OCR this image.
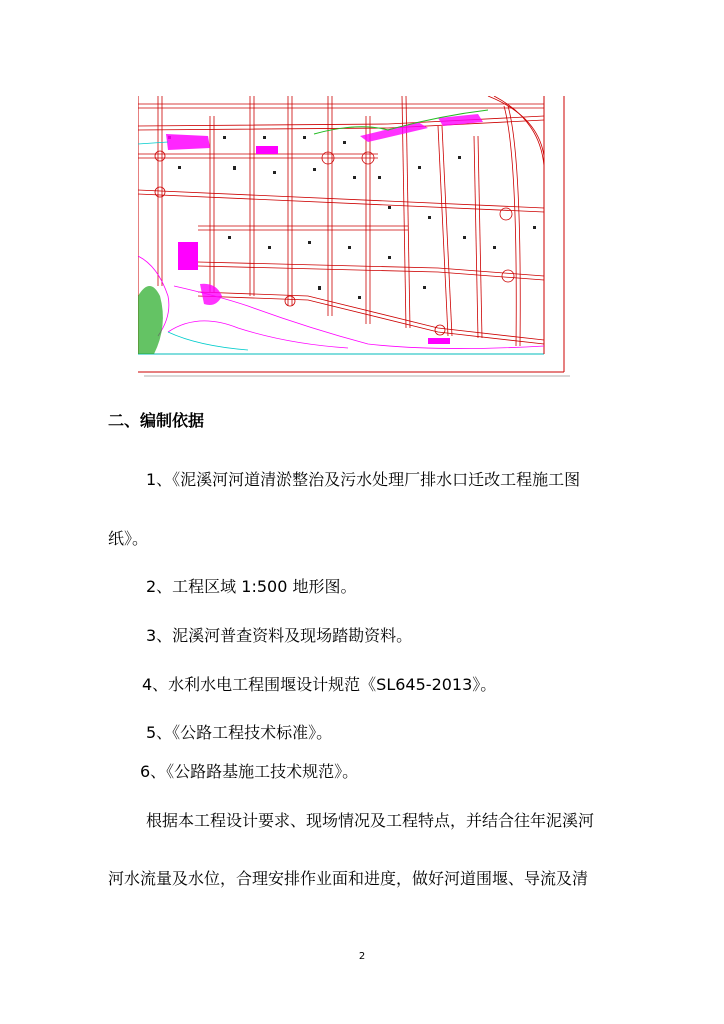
二、编制依据
1、《泥溪河河道清淤整治及污水处理厂排水口迁改工程施工图
纸》。
2、工程区域 1:500 地形图。
3、泥溪河普查资料及现场踏勘资料。
4、水利水电工程围堰设计规范《SL645-2013》。
5、《公路工程技术标准》。
6、《公路路基施工技术规范》。
根据本工程设计要求、现场情况及工程特点，并结合往年泥溪河
河水流量及水位，合理安排作业面和进度，做好河道围堰、导流及清
2
